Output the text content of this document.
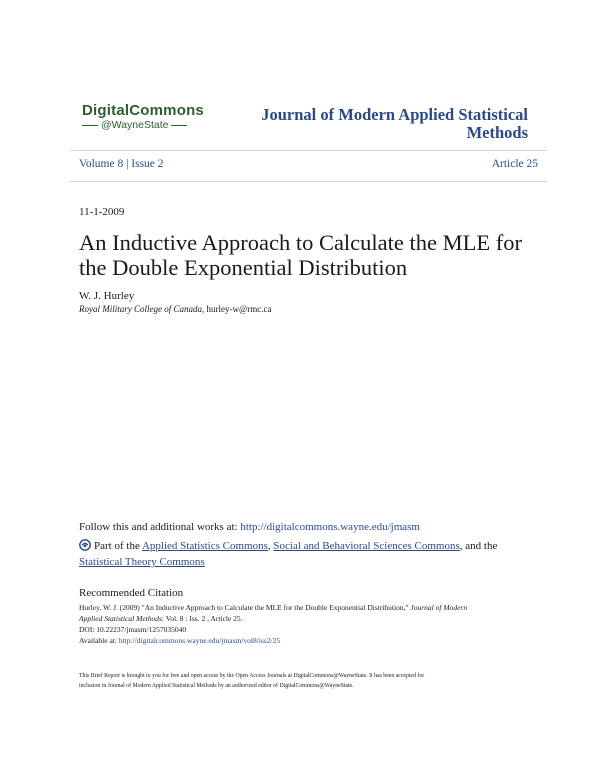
DigitalCommons
@WayneState
Journal of Modern Applied Statistical
Methods
Volume 8 | Issue 2	Article 25
11-1-2009
An Inductive Approach to Calculate the MLE for
the Double Exponential Distribution
W. J. Hurley
Royal Military College of Canada, hurley-w@rmc.ca
Follow this and additional works at: http://digitalcommons.wayne.edu/jmasm
Part of the Applied Statistics Commons, Social and Behavioral Sciences Commons, and the Statistical Theory Commons
Recommended Citation
Hurley, W. J. (2009) "An Inductive Approach to Calculate the MLE for the Double Exponential Distribution," Journal of Modern
Applied Statistical Methods: Vol. 8 : Iss. 2 , Article 25.
DOI: 10.22237/jmasm/1257035040
Available at: http://digitalcommons.wayne.edu/jmasm/vol8/iss2/25
This Brief Report is brought to you for free and open access by the Open Access Journals at DigitalCommons@WayneState. It has been accepted for
inclusion in Journal of Modern Applied Statistical Methods by an authorized editor of DigitalCommons@WayneState.
